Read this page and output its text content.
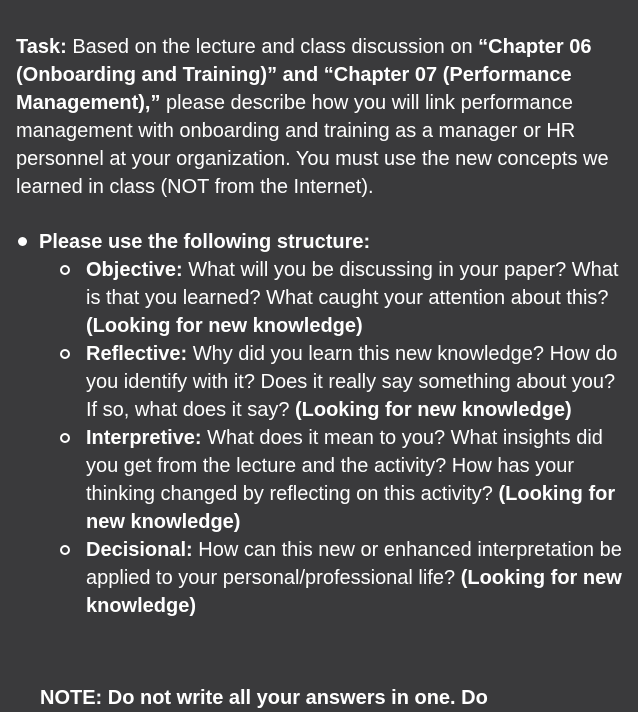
Task: Based on the lecture and class discussion on “Chapter 06 (Onboarding and Training)” and “Chapter 07 (Performance Management),” please describe how you will link performance management with onboarding and training as a manager or HR personnel at your organization. You must use the new concepts we learned in class (NOT from the Internet).

Please use the following structure:
Objective: What will you be discussing in your paper? What is that you learned? What caught your attention about this? (Looking for new knowledge)
Reflective: Why did you learn this new knowledge? How do you identify with it? Does it really say something about you? If so, what does it say? (Looking for new knowledge)
Interpretive: What does it mean to you? What insights did you get from the lecture and the activity? How has your thinking changed by reflecting on this activity? (Looking for new knowledge)
Decisional: How can this new or enhanced interpretation be applied to your personal/professional life? (Looking for new knowledge)
NOTE: Do not write all your answers in one. Do
